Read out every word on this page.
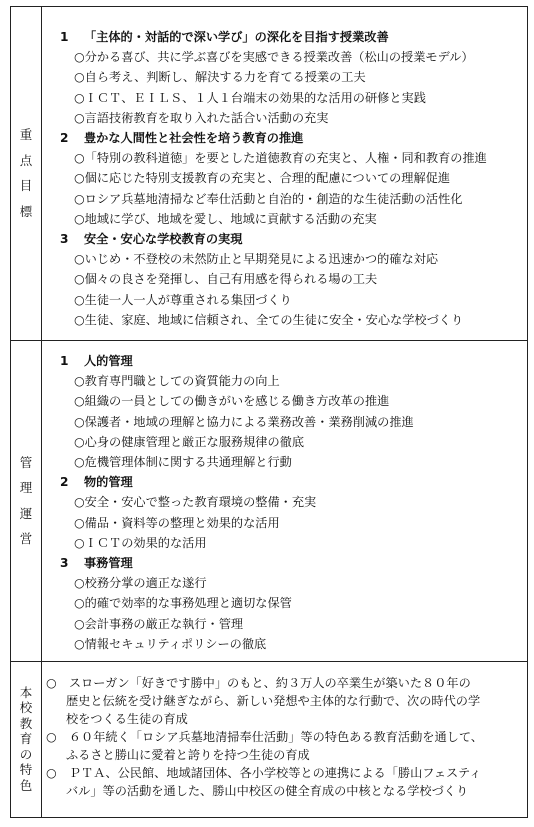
重
点
目
標
1 「主体的・対話的で深い学び」の深化を目指す授業改善
○分かる喜び、共に学ぶ喜びを実感できる授業改善（松山の授業モデル）
○自ら考え、判断し、解決する力を育てる授業の工夫
○ＩＣＴ、ＥＩＬＳ、１人１台端末の効果的な活用の研修と実践
○言語技術教育を取り入れた話合い活動の充実
2 豊かな人間性と社会性を培う教育の推進
○「特別の教科道徳」を要とした道徳教育の充実と、人権・同和教育の推進
○個に応じた特別支援教育の充実と、合理的配慮についての理解促進
○ロシア兵墓地清掃など奉仕活動と自治的・創造的な生徒活動の活性化
○地域に学び、地域を愛し、地域に貢献する活動の充実
3 安全・安心な学校教育の実現
○いじめ・不登校の未然防止と早期発見による迅速かつ的確な対応
○個々の良さを発揮し、自己有用感を得られる場の工夫
○生徒一人一人が尊重される集団づくり
○生徒、家庭、地域に信頼され、全ての生徒に安全・安心な学校づくり
管
理
運
営
1 人的管理
○教育専門職としての資質能力の向上
○組織の一員としての働きがいを感じる働き方改革の推進
○保護者・地域の理解と協力による業務改善・業務削減の推進
○心身の健康管理と厳正な服務規律の徹底
○危機管理体制に関する共通理解と行動
2 物的管理
○安全・安心で整った教育環境の整備・充実
○備品・資料等の整理と効果的な活用
○ＩＣＴの効果的な活用
3 事務管理
○校務分掌の適正な遂行
○的確で効率的な事務処理と適切な保管
○会計事務の厳正な執行・管理
○情報セキュリティポリシーの徹底
本
校
教
育
の
特
色

○　スローガン「好きです勝中」のもと、約３万人の卒業生が築いた８０年の

歴史と伝統を受け継ぎながら、新しい発想や主体的な行動で、次の時代の学

校をつくる生徒の育成

○　６０年続く「ロシア兵墓地清掃奉仕活動」等の特色ある教育活動を通して、

ふるさと勝山に愛着と誇りを持つ生徒の育成

○　ＰＴＡ、公民館、地域諸団体、各小学校等との連携による「勝山フェスティ

バル」等の活動を通した、勝山中校区の健全育成の中核となる学校づくり
